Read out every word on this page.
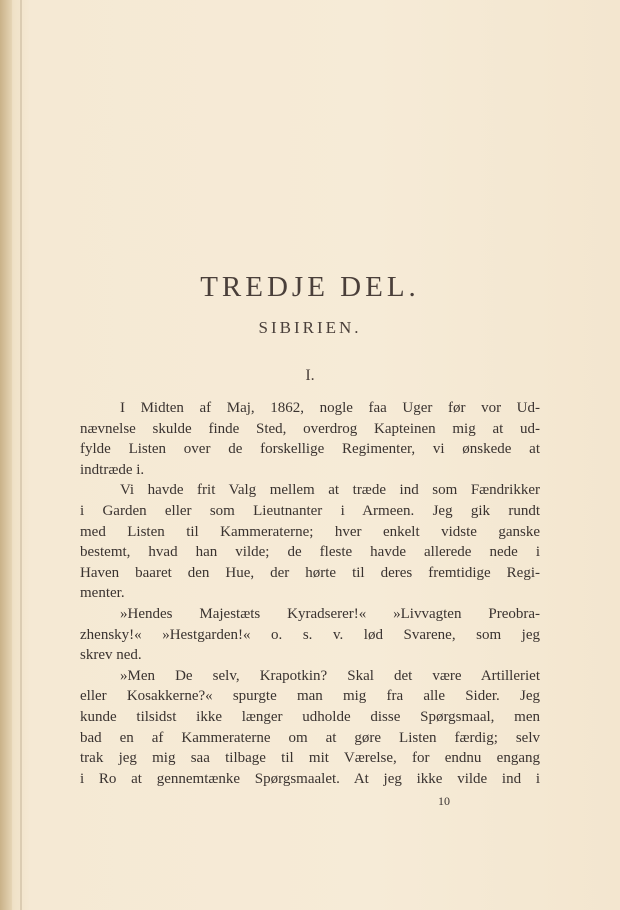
TREDJE DEL.
SIBIRIEN.
I.
I Midten af Maj, 1862, nogle faa Uger før vor Ud-
nævnelse skulde finde Sted, overdrog Kapteinen mig at ud-
fylde Listen over de forskellige Regimenter, vi ønskede at
indtræde i.
Vi havde frit Valg mellem at træde ind som Fændrikker
i Garden eller som Lieutnanter i Armeen. Jeg gik rundt
med Listen til Kammeraterne; hver enkelt vidste ganske
bestemt, hvad han vilde; de fleste havde allerede nede i
Haven baaret den Hue, der hørte til deres fremtidige Regi-
menter.
»Hendes Majestæts Kyradserer!« »Livvagten Preobra-
zhensky!« »Hestgarden!« o. s. v. lød Svarene, som jeg
skrev ned.
»Men De selv, Krapotkin? Skal det være Artilleriet
eller Kosakkerne?« spurgte man mig fra alle Sider. Jeg
kunde tilsidst ikke længer udholde disse Spørgsmaal, men
bad en af Kammeraterne om at gøre Listen færdig; selv
trak jeg mig saa tilbage til mit Værelse, for endnu engang
i Ro at gennemtænke Spørgsmaalet. At jeg ikke vilde ind i
10
